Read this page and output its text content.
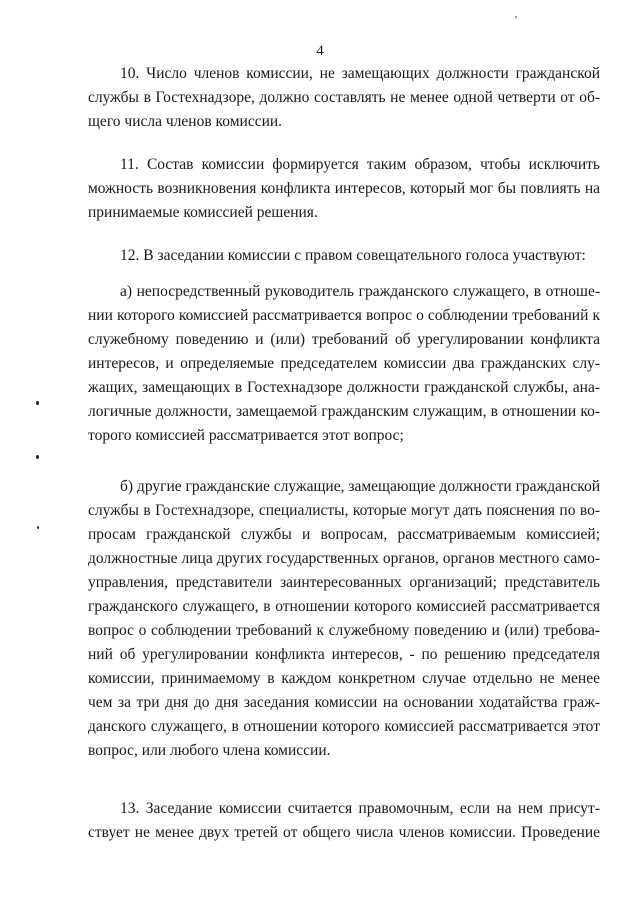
4
10. Число членов комиссии, не замещающих должности гражданской
службы в Гостехнадзоре, должно составлять не менее одной четверти от об-
щего числа членов комиссии.
11. Состав комиссии формируется таким образом, чтобы исключить
можность возникновения конфликта интересов, который мог бы повлиять на
принимаемые комиссией решения.
12. В заседании комиссии с правом совещательного голоса участвуют:
а) непосредственный руководитель гражданского служащего, в отноше-
нии которого комиссией рассматривается вопрос о соблюдении требований к
служебному поведению и (или) требований об урегулировании конфликта
интересов, и определяемые председателем комиссии два гражданских слу-
жащих, замещающих в Гостехнадзоре должности гражданской службы, ана-
логичные должности, замещаемой гражданским служащим, в отношении ко-
торого комиссией рассматривается этот вопрос;
б) другие гражданские служащие, замещающие должности гражданской
службы в Гостехнадзоре, специалисты, которые могут дать пояснения по во-
просам гражданской службы и вопросам, рассматриваемым комиссией;
должностные лица других государственных органов, органов местного само-
управления, представители заинтересованных организаций; представитель
гражданского служащего, в отношении которого комиссией рассматривается
вопрос о соблюдении требований к служебному поведению и (или) требова-
ний об урегулировании конфликта интересов, - по решению председателя
комиссии, принимаемому в каждом конкретном случае отдельно не менее
чем за три дня до дня заседания комиссии на основании ходатайства граж-
данского служащего, в отношении которого комиссией рассматривается этот
вопрос, или любого члена комиссии.
13. Заседание комиссии считается правомочным, если на нем присут-
ствует не менее двух третей от общего числа членов комиссии. Проведение
